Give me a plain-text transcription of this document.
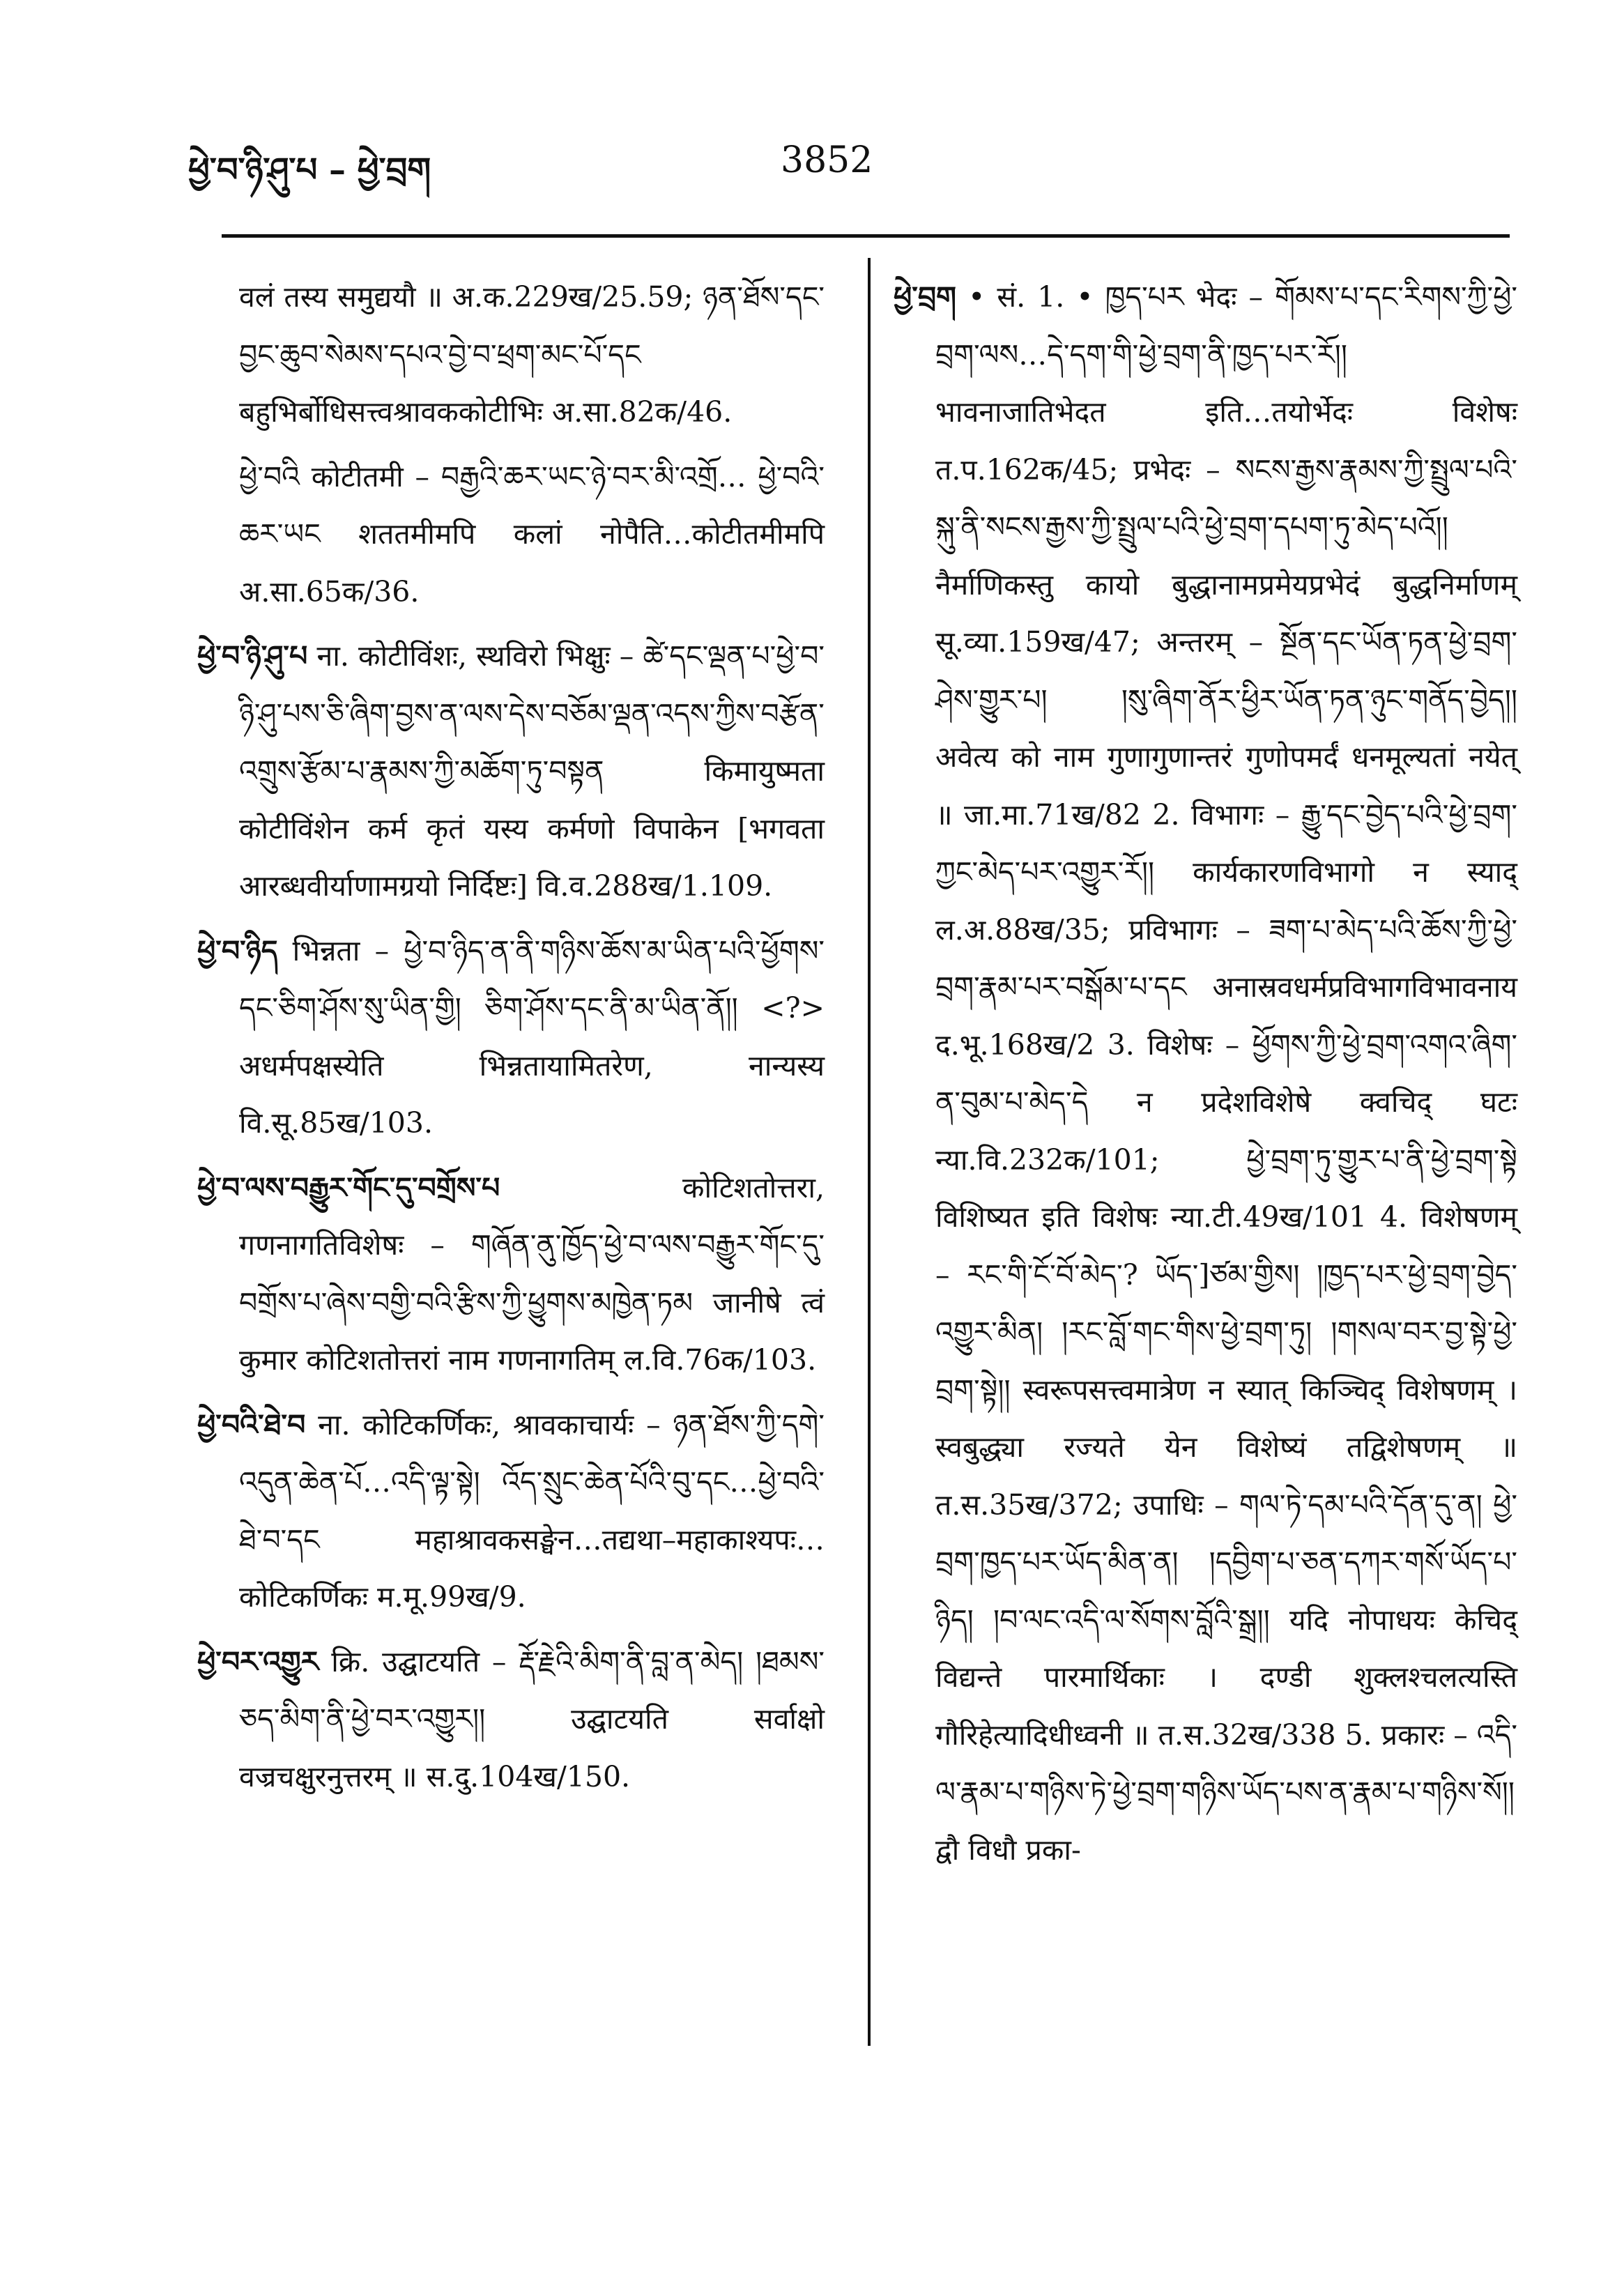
ཕྱེ་བ་ཉི་ཤུ་པ – ཕྱེ་བྲག	3852

वलं तस्य समुद्ययौ ॥ अ.क.229ख/25.59; ཉན་ཐོས་དང་བྱང་ཆུབ་སེམས་དཔའ་བྱེ་བ་ཕྲག་མང་པོ་དང बहुभिर्बोधिसत्त्वश्रावककोटीभिः अ.सा.82क/46.

ཕྱེ་བའི कोटीतमी – བརྒྱའི་ཆར་ཡང་ཉེ་བར་མི་འགྲོ… ཕྱེ་བའི་ཆར་ཡང शततमीमपि कलां नोपैति…कोटीतमीमपि अ.सा.65क/36.

ཕྱེ་བ་ཉི་ཤུ་པ ना. कोटीविंशः, स्थविरो भिक्षुः – ཚེ་དང་ལྡན་པ་ཕྱེ་བ་ཉི་ཤུ་པས་ཅི་ཞིག་བྱས་ན་ལས་དེས་བཅོམ་ལྡན་འདས་ཀྱིས་བརྩོན་འགྲུས་རྩོམ་པ་རྣམས་ཀྱི་མཆོག་ཏུ་བསྟན किमायुष्मता कोटीविंशेन कर्म कृतं यस्य कर्मणो विपाकेन [भगवता आरब्धवीर्याणामग्रयो निर्दिष्टः] वि.व.288ख/1.109.

ཕྱེ་བ་ཉིད भिन्नता – ཕྱེ་བ་ཉིད་ན་ནི་གཉིས་ཆོས་མ་ཡིན་པའི་ཕྱོགས་དང་ཅིག་ཤོས་སུ་ཡིན་གྱི། ཅིག་ཤོས་དང་ནི་མ་ཡིན་ནོ།། <?> अधर्मपक्षस्येति भिन्नतायामितरेण, नान्यस्य वि.सू.85ख/103.

ཕྱེ་བ་ལས་བརྒྱུར་གོང་དུ་བགྲོས་པ	कोटिशतोत्तरा, गणनागतिविशेषः – གཞོན་ནུ་ཁྱོད་ཕྱེ་བ་ལས་བརྒྱུར་གོང་དུ་བགྲོས་པ་ཞེས་བགྱི་བའི་རྩིས་ཀྱི་ཕྱུགས་མཁྱེན་ཏམ जानीषे त्वं कुमार कोटिशतोत्तरां नाम गणनागतिम् ल.वि.76क/103.

ཕྱེ་བའི་ཐེ་བ ना. कोटिकर्णिकः, श्रावकाचार्यः – ཉན་ཐོས་ཀྱི་དགེ་འདུན་ཆེན་པོ…འདི་ལྟ་སྟེ། འོད་སྲུང་ཆེན་པོའི་བུ་དང…ཕྱེ་བའི་ཐེ་བ་དང महाश्रावकसङ्घेन…तद्यथा–महाकाश्यपः…कोटिकर्णिकः म.मू.99ख/9.

ཕྱེ་བར་འགྱུར क्रि. उद्घाटयति – རྡོ་རྗེའི་མིག་ནི་བླ་ན་མེད། །ཐམས་ཅད་མིག་ནི་ཕྱེ་བར་འགྱུར།། उद्घाटयति सर्वाक्षो वज्रचक्षुरनुत्तरम् ॥ स.दु.104ख/150.

ཕྱེ་བྲག • सं. 1. • ཁྱད་པར भेदः – གོམས་པ་དང་རིགས་ཀྱི་ཕྱེ་བྲག་ལས…དེ་དག་གི་ཕྱེ་བྲག་ནི་ཁྱད་པར་རོ།། भावनाजातिभेदत इति…तयोर्भेदः विशेषः त.प.162क/45; प्रभेदः – སངས་རྒྱས་རྣམས་ཀྱི་སྤྲུལ་པའི་སྐུ་ནི་སངས་རྒྱས་ཀྱི་སྤྲུལ་པའི་ཕྱེ་བྲག་དཔག་ཏུ་མེད་པའོ།། नैर्माणिकस्तु कायो बुद्धानामप्रमेयप्रभेदं बुद्धनिर्माणम् सू.व्या.159ख/47; अन्तरम् – སྔོན་དང་ཡོན་ཏན་ཕྱེ་བྲག་ཤེས་གྱུར་པ། །སུ་ཞིག་ནོར་ཕྱིར་ཡོན་ཏན་ཉུང་གནོད་བྱེད།། अवेत्य को नाम गुणागुणान्तरं गुणोपमर्दं धनमूल्यतां नयेत् ॥ जा.मा.71ख/82 2. विभागः – རྒྱུ་དང་བྱེད་པའི་ཕྱེ་བྲག་ཀྱང་མེད་པར་འགྱུར་རོ།། कार्यकारणविभागो न स्याद् ल.अ.88ख/35; प्रविभागः – ཟག་པ་མེད་པའི་ཆོས་ཀྱི་ཕྱེ་བྲག་རྣམ་པར་བསྒོམ་པ་དང अनास्रवधर्मप्रविभागविभावनाय द.भू.168ख/2 3. विशेषः – ཕྱོགས་ཀྱི་ཕྱེ་བྲག་འགའ་ཞིག་ན་བུམ་པ་མེད་དེ न प्रदेशविशेषे क्वचिद् घटः न्या.वि.232क/101; ཕྱེ་བྲག་ཏུ་གྱུར་པ་ནི་ཕྱེ་བྲག་སྟེ विशिष्यत इति विशेषः न्या.टी.49ख/101 4. विशेषणम् – རང་གི་ངོ་བོ་མེད་? ཡོད་]ཙམ་གྱིས། །ཁྱད་པར་ཕྱེ་བྲག་བྱེད་འགྱུར་མིན། །རང་བློ་གང་གིས་ཕྱེ་བྲག་ཏུ། །གསལ་བར་བྱ་སྟེ་ཕྱེ་བྲག་སྟེ།། स्वरूपसत्त्वमात्रेण न स्यात् किञ्चिद् विशेषणम् । स्वबुद्ध्या रज्यते येन विशेष्यं तद्विशेषणम् ॥ त.स.35ख/372; उपाधिः – གལ་ཏེ་དམ་པའི་དོན་དུ་ན། ཕྱེ་བྲག་ཁྱད་པར་ཡོད་མིན་ན། །དབྱིག་པ་ཅན་དཀར་གསོ་ཡོད་པ་ཉིད། །བ་ལང་འདི་ལ་སོགས་བློའི་སྒྲ།། यदि नोपाधयः केचिद् विद्यन्ते पारमार्थिकाः । दण्डी शुक्लश्चलत्यस्ति गौरिहेत्यादिधीध्वनी ॥ त.स.32ख/338 5. प्रकारः – འདི་ལ་རྣམ་པ་གཉིས་ཏེ་ཕྱེ་བྲག་གཉིས་ཡོད་པས་ན་རྣམ་པ་གཉིས་སོ།། द्वौ विधौ प्रका-
